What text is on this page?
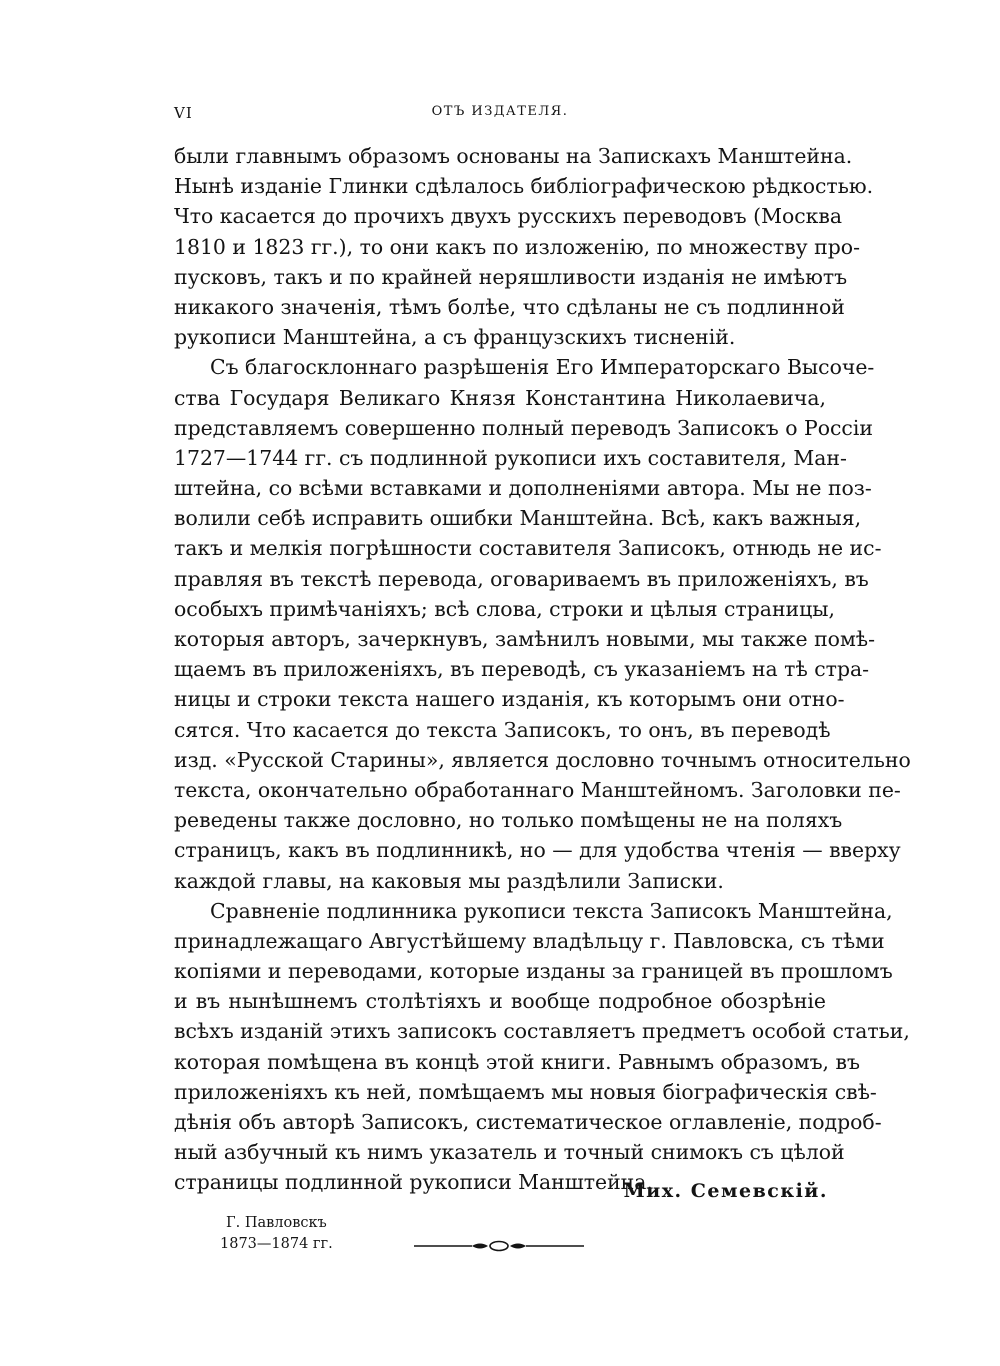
VI	ОТЪ ИЗДАТЕЛЯ.
были главнымъ образомъ основаны на Запискахъ Манштейна.
Нынѣ изданіе Глинки сдѣлалось библіографическою рѣдкостью.
Что касается до прочихъ двухъ русскихъ переводовъ (Москва
1810 и 1823 гг.), то они какъ по изложенію, по множеству про-
пусковъ, такъ и по крайней неряшливости изданія не имѣютъ
никакого значенія, тѣмъ болѣе, что сдѣланы не съ подлинной
рукописи Манштейна, а съ французскихъ тисненій.
Съ благосклоннаго разрѣшенія Его Императорскаго Высоче-
ства Государя Великаго Князя Константина Николаевича,
представляемъ совершенно полный переводъ Записокъ о Россіи
1727—1744 гг. съ подлинной рукописи ихъ составителя, Ман-
штейна, со всѣми вставками и дополненіями автора. Мы не поз-
волили себѣ исправить ошибки Манштейна. Всѣ, какъ важныя,
такъ и мелкія погрѣшности составителя Записокъ, отнюдь не ис-
правляя въ текстѣ перевода, оговариваемъ въ приложеніяхъ, въ
особыхъ примѣчаніяхъ; всѣ слова, строки и цѣлыя страницы,
которыя авторъ, зачеркнувъ, замѣнилъ новыми, мы также помѣ-
щаемъ въ приложеніяхъ, въ переводѣ, съ указаніемъ на тѣ стра-
ницы и строки текста нашего изданія, къ которымъ они отно-
сятся. Что касается до текста Записокъ, то онъ, въ переводѣ
изд. «Русской Старины», является дословно точнымъ относительно
текста, окончательно обработаннаго Манштейномъ. Заголовки пе-
реведены также дословно, но только помѣщены не на поляхъ
страницъ, какъ въ подлинникѣ, но — для удобства чтенія — вверху
каждой главы, на каковыя мы раздѣлили Записки.
Сравненіе подлинника рукописи текста Записокъ Манштейна,
принадлежащаго Августѣйшему владѣльцу г. Павловска, съ тѣми
копіями и переводами, которые изданы за границей въ прошломъ
и въ нынѣшнемъ столѣтіяхъ и вообще подробное обозрѣніе
всѣхъ изданій этихъ записокъ составляетъ предметъ особой статьи,
которая помѣщена въ концѣ этой книги. Равнымъ образомъ, въ
приложеніяхъ къ ней, помѣщаемъ мы новыя біографическія свѣ-
дѣнія объ авторѣ Записокъ, систематическое оглавленіе, подроб-
ный азбучный къ нимъ указатель и точный снимокъ съ цѣлой
страницы подлинной рукописи Манштейна.
Мих. Семевскій.
Г. Павловскъ
1873—1874 гг.
